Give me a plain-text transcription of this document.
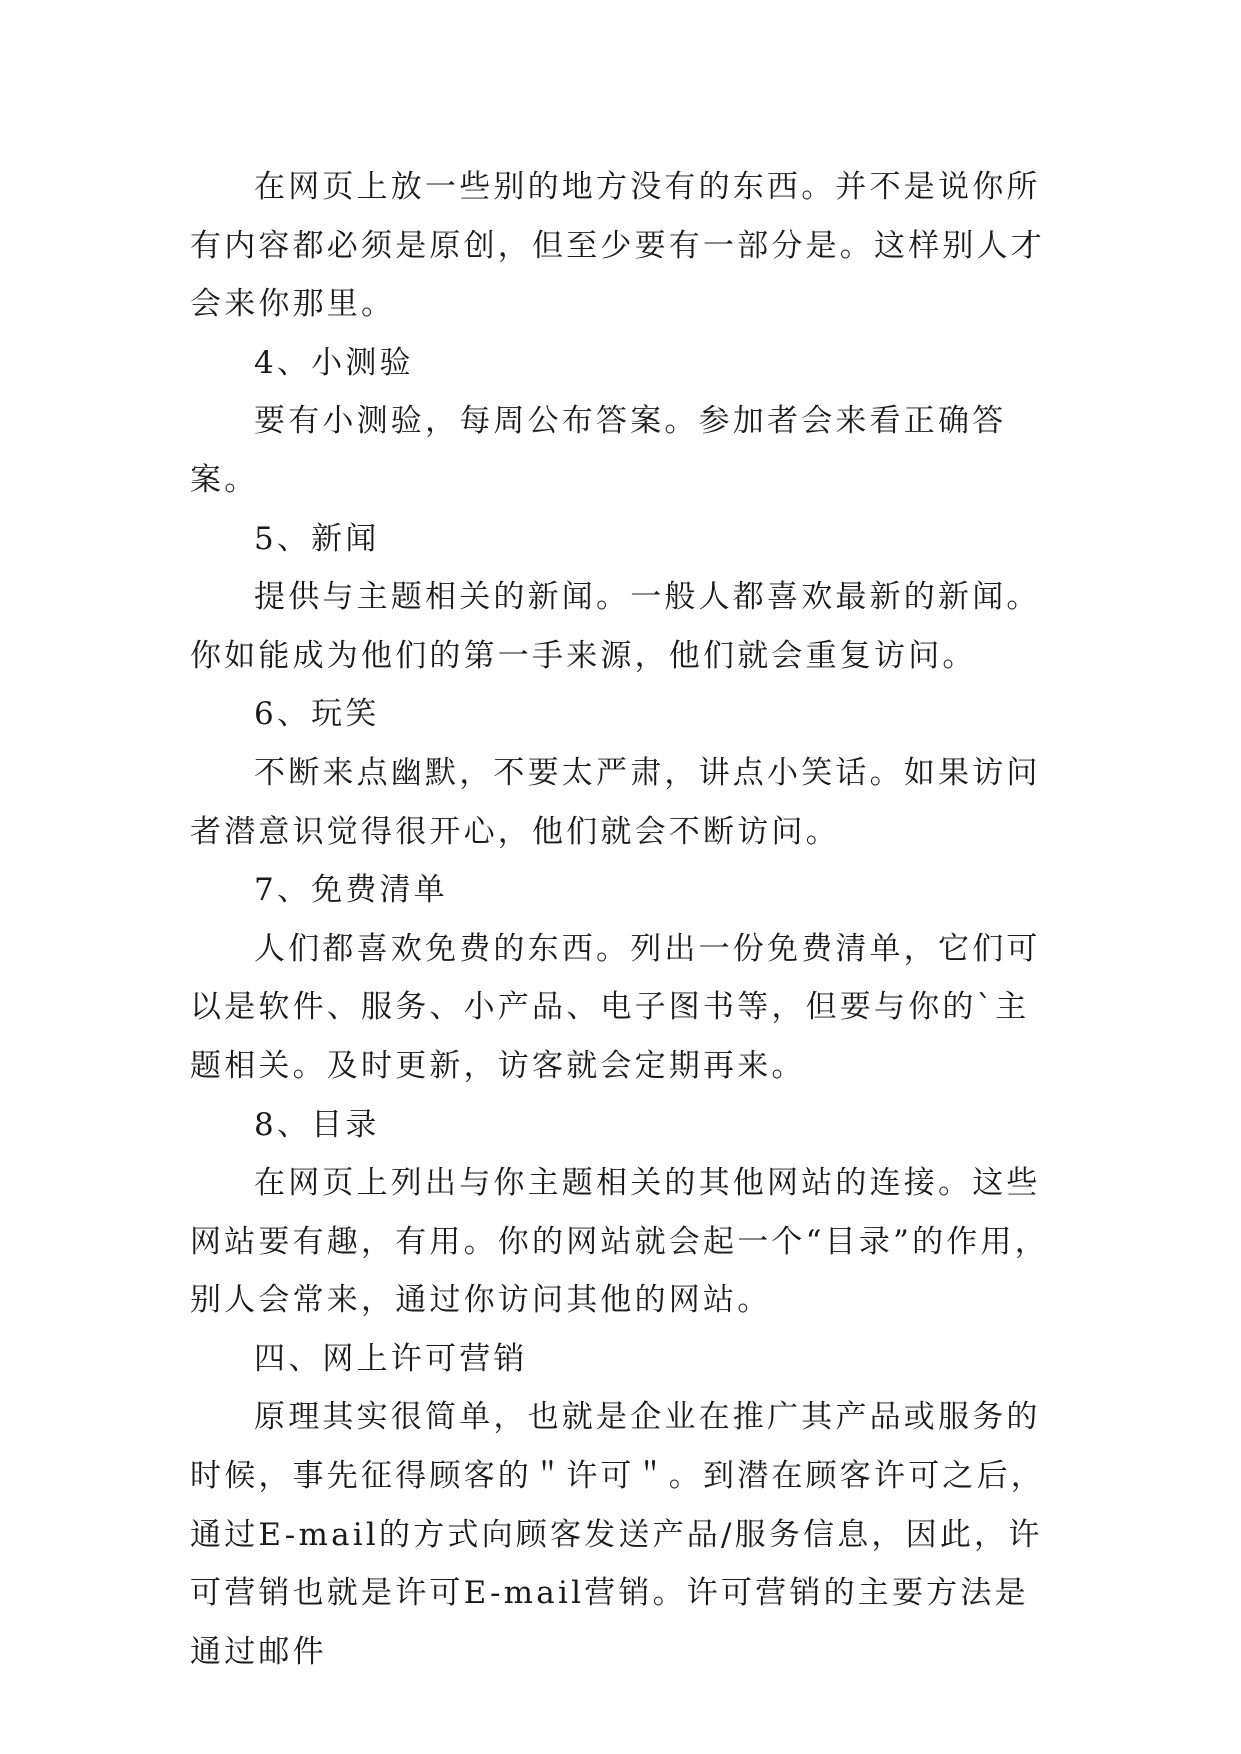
在网页上放一些别的地方没有的东西。并不是说你所有内容都必须是原创，但至少要有一部分是。这样别人才会来你那里。

4、小测验

要有小测验，每周公布答案。参加者会来看正确答案。

5、新闻

提供与主题相关的新闻。一般人都喜欢最新的新闻。你如能成为他们的第一手来源，他们就会重复访问。

6、玩笑

不断来点幽默，不要太严肃，讲点小笑话。如果访问者潜意识觉得很开心，他们就会不断访问。

7、免费清单

人们都喜欢免费的东西。列出一份免费清单，它们可以是软件、服务、小产品、电子图书等，但要与你的`主题相关。及时更新，访客就会定期再来。

8、目录

在网页上列出与你主题相关的其他网站的连接。这些网站要有趣，有用。你的网站就会起一个“目录”的作用，别人会常来，通过你访问其他的网站。

四、网上许可营销

原理其实很简单，也就是企业在推广其产品或服务的时候，事先征得顾客的＂许可＂。到潜在顾客许可之后，通过E-mail的方式向顾客发送产品/服务信息，因此，许可营销也就是许可E-mail营销。许可营销的主要方法是通过邮件
